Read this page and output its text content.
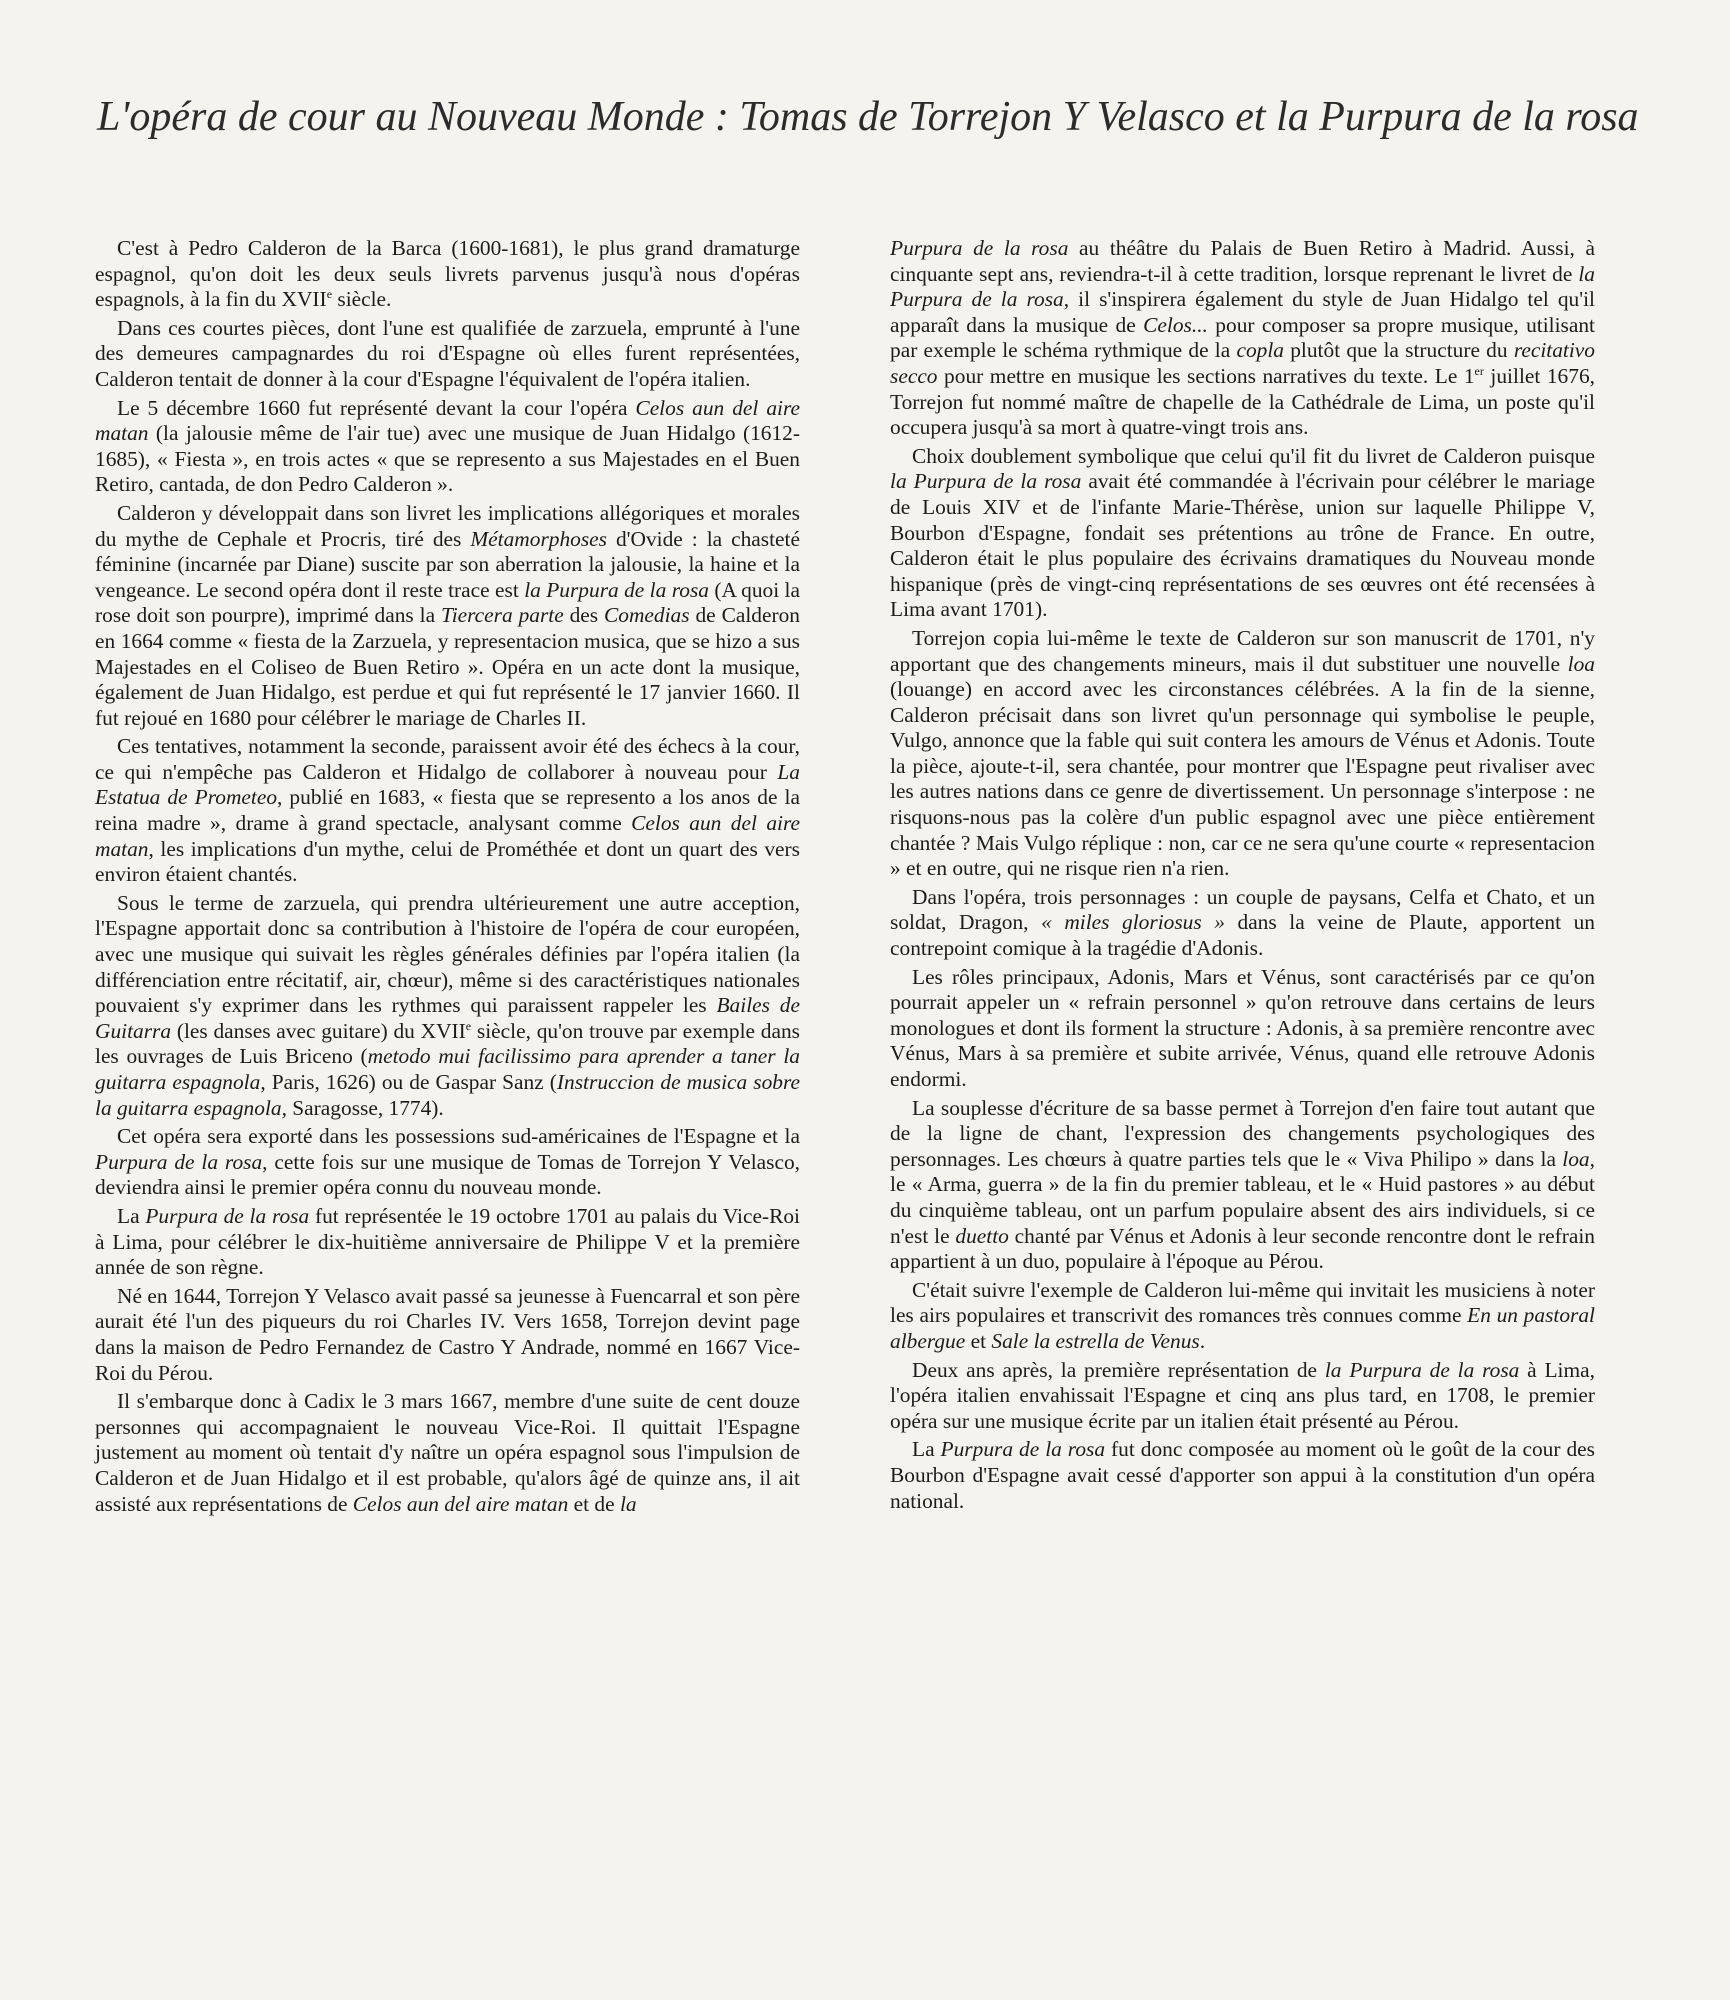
L'opéra de cour au Nouveau Monde : Tomas de Torrejon Y Velasco et la Purpura de la rosa

C'est à Pedro Calderon de la Barca (1600-1681), le plus grand dramaturge espagnol, qu'on doit les deux seuls livrets parvenus jusqu'à nous d'opéras espagnols, à la fin du XVIIe siècle.

Dans ces courtes pièces, dont l'une est qualifiée de zarzuela, emprunté à l'une des demeures campagnardes du roi d'Espagne où elles furent représentées, Calderon tentait de donner à la cour d'Espagne l'équivalent de l'opéra italien.

Le 5 décembre 1660 fut représenté devant la cour l'opéra Celos aun del aire matan (la jalousie même de l'air tue) avec une musique de Juan Hidalgo (1612-1685), « Fiesta », en trois actes « que se represento a sus Majestades en el Buen Retiro, cantada, de don Pedro Calderon ».

Calderon y développait dans son livret les implications allégoriques et morales du mythe de Cephale et Procris, tiré des Métamorphoses d'Ovide : la chasteté féminine (incarnée par Diane) suscite par son aberration la jalousie, la haine et la vengeance. Le second opéra dont il reste trace est la Purpura de la rosa (A quoi la rose doit son pourpre), imprimé dans la Tiercera parte des Comedias de Calderon en 1664 comme « fiesta de la Zarzuela, y representacion musica, que se hizo a sus Majestades en el Coliseo de Buen Retiro ». Opéra en un acte dont la musique, également de Juan Hidalgo, est perdue et qui fut représenté le 17 janvier 1660. Il fut rejoué en 1680 pour célébrer le mariage de Charles II.

Ces tentatives, notamment la seconde, paraissent avoir été des échecs à la cour, ce qui n'empêche pas Calderon et Hidalgo de collaborer à nouveau pour La Estatua de Prometeo, publié en 1683, « fiesta que se represento a los anos de la reina madre », drame à grand spectacle, analysant comme Celos aun del aire matan, les implications d'un mythe, celui de Prométhée et dont un quart des vers environ étaient chantés.

Sous le terme de zarzuela, qui prendra ultérieurement une autre acception, l'Espagne apportait donc sa contribution à l'histoire de l'opéra de cour européen, avec une musique qui suivait les règles générales définies par l'opéra italien (la différenciation entre récitatif, air, chœur), même si des caractéristiques nationales pouvaient s'y exprimer dans les rythmes qui paraissent rappeler les Bailes de Guitarra (les danses avec guitare) du XVIIe siècle, qu'on trouve par exemple dans les ouvrages de Luis Briceno (metodo mui facilissimo para aprender a taner la guitarra espagnola, Paris, 1626) ou de Gaspar Sanz (Instruccion de musica sobre la guitarra espagnola, Saragosse, 1774).

Cet opéra sera exporté dans les possessions sud-américaines de l'Espagne et la Purpura de la rosa, cette fois sur une musique de Tomas de Torrejon Y Velasco, deviendra ainsi le premier opéra connu du nouveau monde.

La Purpura de la rosa fut représentée le 19 octobre 1701 au palais du Vice-Roi à Lima, pour célébrer le dix-huitième anniversaire de Philippe V et la première année de son règne.

Né en 1644, Torrejon Y Velasco avait passé sa jeunesse à Fuencarral et son père aurait été l'un des piqueurs du roi Charles IV. Vers 1658, Torrejon devint page dans la maison de Pedro Fernandez de Castro Y Andrade, nommé en 1667 Vice-Roi du Pérou.

Il s'embarque donc à Cadix le 3 mars 1667, membre d'une suite de cent douze personnes qui accompagnaient le nouveau Vice-Roi. Il quittait l'Espagne justement au moment où tentait d'y naître un opéra espagnol sous l'impulsion de Calderon et de Juan Hidalgo et il est probable, qu'alors âgé de quinze ans, il ait assisté aux représentations de Celos aun del aire matan et de la

Purpura de la rosa au théâtre du Palais de Buen Retiro à Madrid. Aussi, à cinquante sept ans, reviendra-t-il à cette tradition, lorsque reprenant le livret de la Purpura de la rosa, il s'inspirera également du style de Juan Hidalgo tel qu'il apparaît dans la musique de Celos... pour composer sa propre musique, utilisant par exemple le schéma rythmique de la copla plutôt que la structure du recitativo secco pour mettre en musique les sections narratives du texte. Le 1er juillet 1676, Torrejon fut nommé maître de chapelle de la Cathédrale de Lima, un poste qu'il occupera jusqu'à sa mort à quatre-vingt trois ans.

Choix doublement symbolique que celui qu'il fit du livret de Calderon puisque la Purpura de la rosa avait été commandée à l'écrivain pour célébrer le mariage de Louis XIV et de l'infante Marie-Thérèse, union sur laquelle Philippe V, Bourbon d'Espagne, fondait ses prétentions au trône de France. En outre, Calderon était le plus populaire des écrivains dramatiques du Nouveau monde hispanique (près de vingt-cinq représentations de ses œuvres ont été recensées à Lima avant 1701).

Torrejon copia lui-même le texte de Calderon sur son manuscrit de 1701, n'y apportant que des changements mineurs, mais il dut substituer une nouvelle loa (louange) en accord avec les circonstances célébrées. A la fin de la sienne, Calderon précisait dans son livret qu'un personnage qui symbolise le peuple, Vulgo, annonce que la fable qui suit contera les amours de Vénus et Adonis. Toute la pièce, ajoute-t-il, sera chantée, pour montrer que l'Espagne peut rivaliser avec les autres nations dans ce genre de divertissement. Un personnage s'interpose : ne risquons-nous pas la colère d'un public espagnol avec une pièce entièrement chantée ? Mais Vulgo réplique : non, car ce ne sera qu'une courte « representacion » et en outre, qui ne risque rien n'a rien.

Dans l'opéra, trois personnages : un couple de paysans, Celfa et Chato, et un soldat, Dragon, « miles gloriosus » dans la veine de Plaute, apportent un contrepoint comique à la tragédie d'Adonis.

Les rôles principaux, Adonis, Mars et Vénus, sont caractérisés par ce qu'on pourrait appeler un « refrain personnel » qu'on retrouve dans certains de leurs monologues et dont ils forment la structure : Adonis, à sa première rencontre avec Vénus, Mars à sa première et subite arrivée, Vénus, quand elle retrouve Adonis endormi.

La souplesse d'écriture de sa basse permet à Torrejon d'en faire tout autant que de la ligne de chant, l'expression des changements psychologiques des personnages. Les chœurs à quatre parties tels que le « Viva Philipo » dans la loa, le « Arma, guerra » de la fin du premier tableau, et le « Huid pastores » au début du cinquième tableau, ont un parfum populaire absent des airs individuels, si ce n'est le duetto chanté par Vénus et Adonis à leur seconde rencontre dont le refrain appartient à un duo, populaire à l'époque au Pérou.

C'était suivre l'exemple de Calderon lui-même qui invitait les musiciens à noter les airs populaires et transcrivit des romances très connues comme En un pastoral albergue et Sale la estrella de Venus.

Deux ans après, la première représentation de la Purpura de la rosa à Lima, l'opéra italien envahissait l'Espagne et cinq ans plus tard, en 1708, le premier opéra sur une musique écrite par un italien était présenté au Pérou.

La Purpura de la rosa fut donc composée au moment où le goût de la cour des Bourbon d'Espagne avait cessé d'apporter son appui à la constitution d'un opéra national.
